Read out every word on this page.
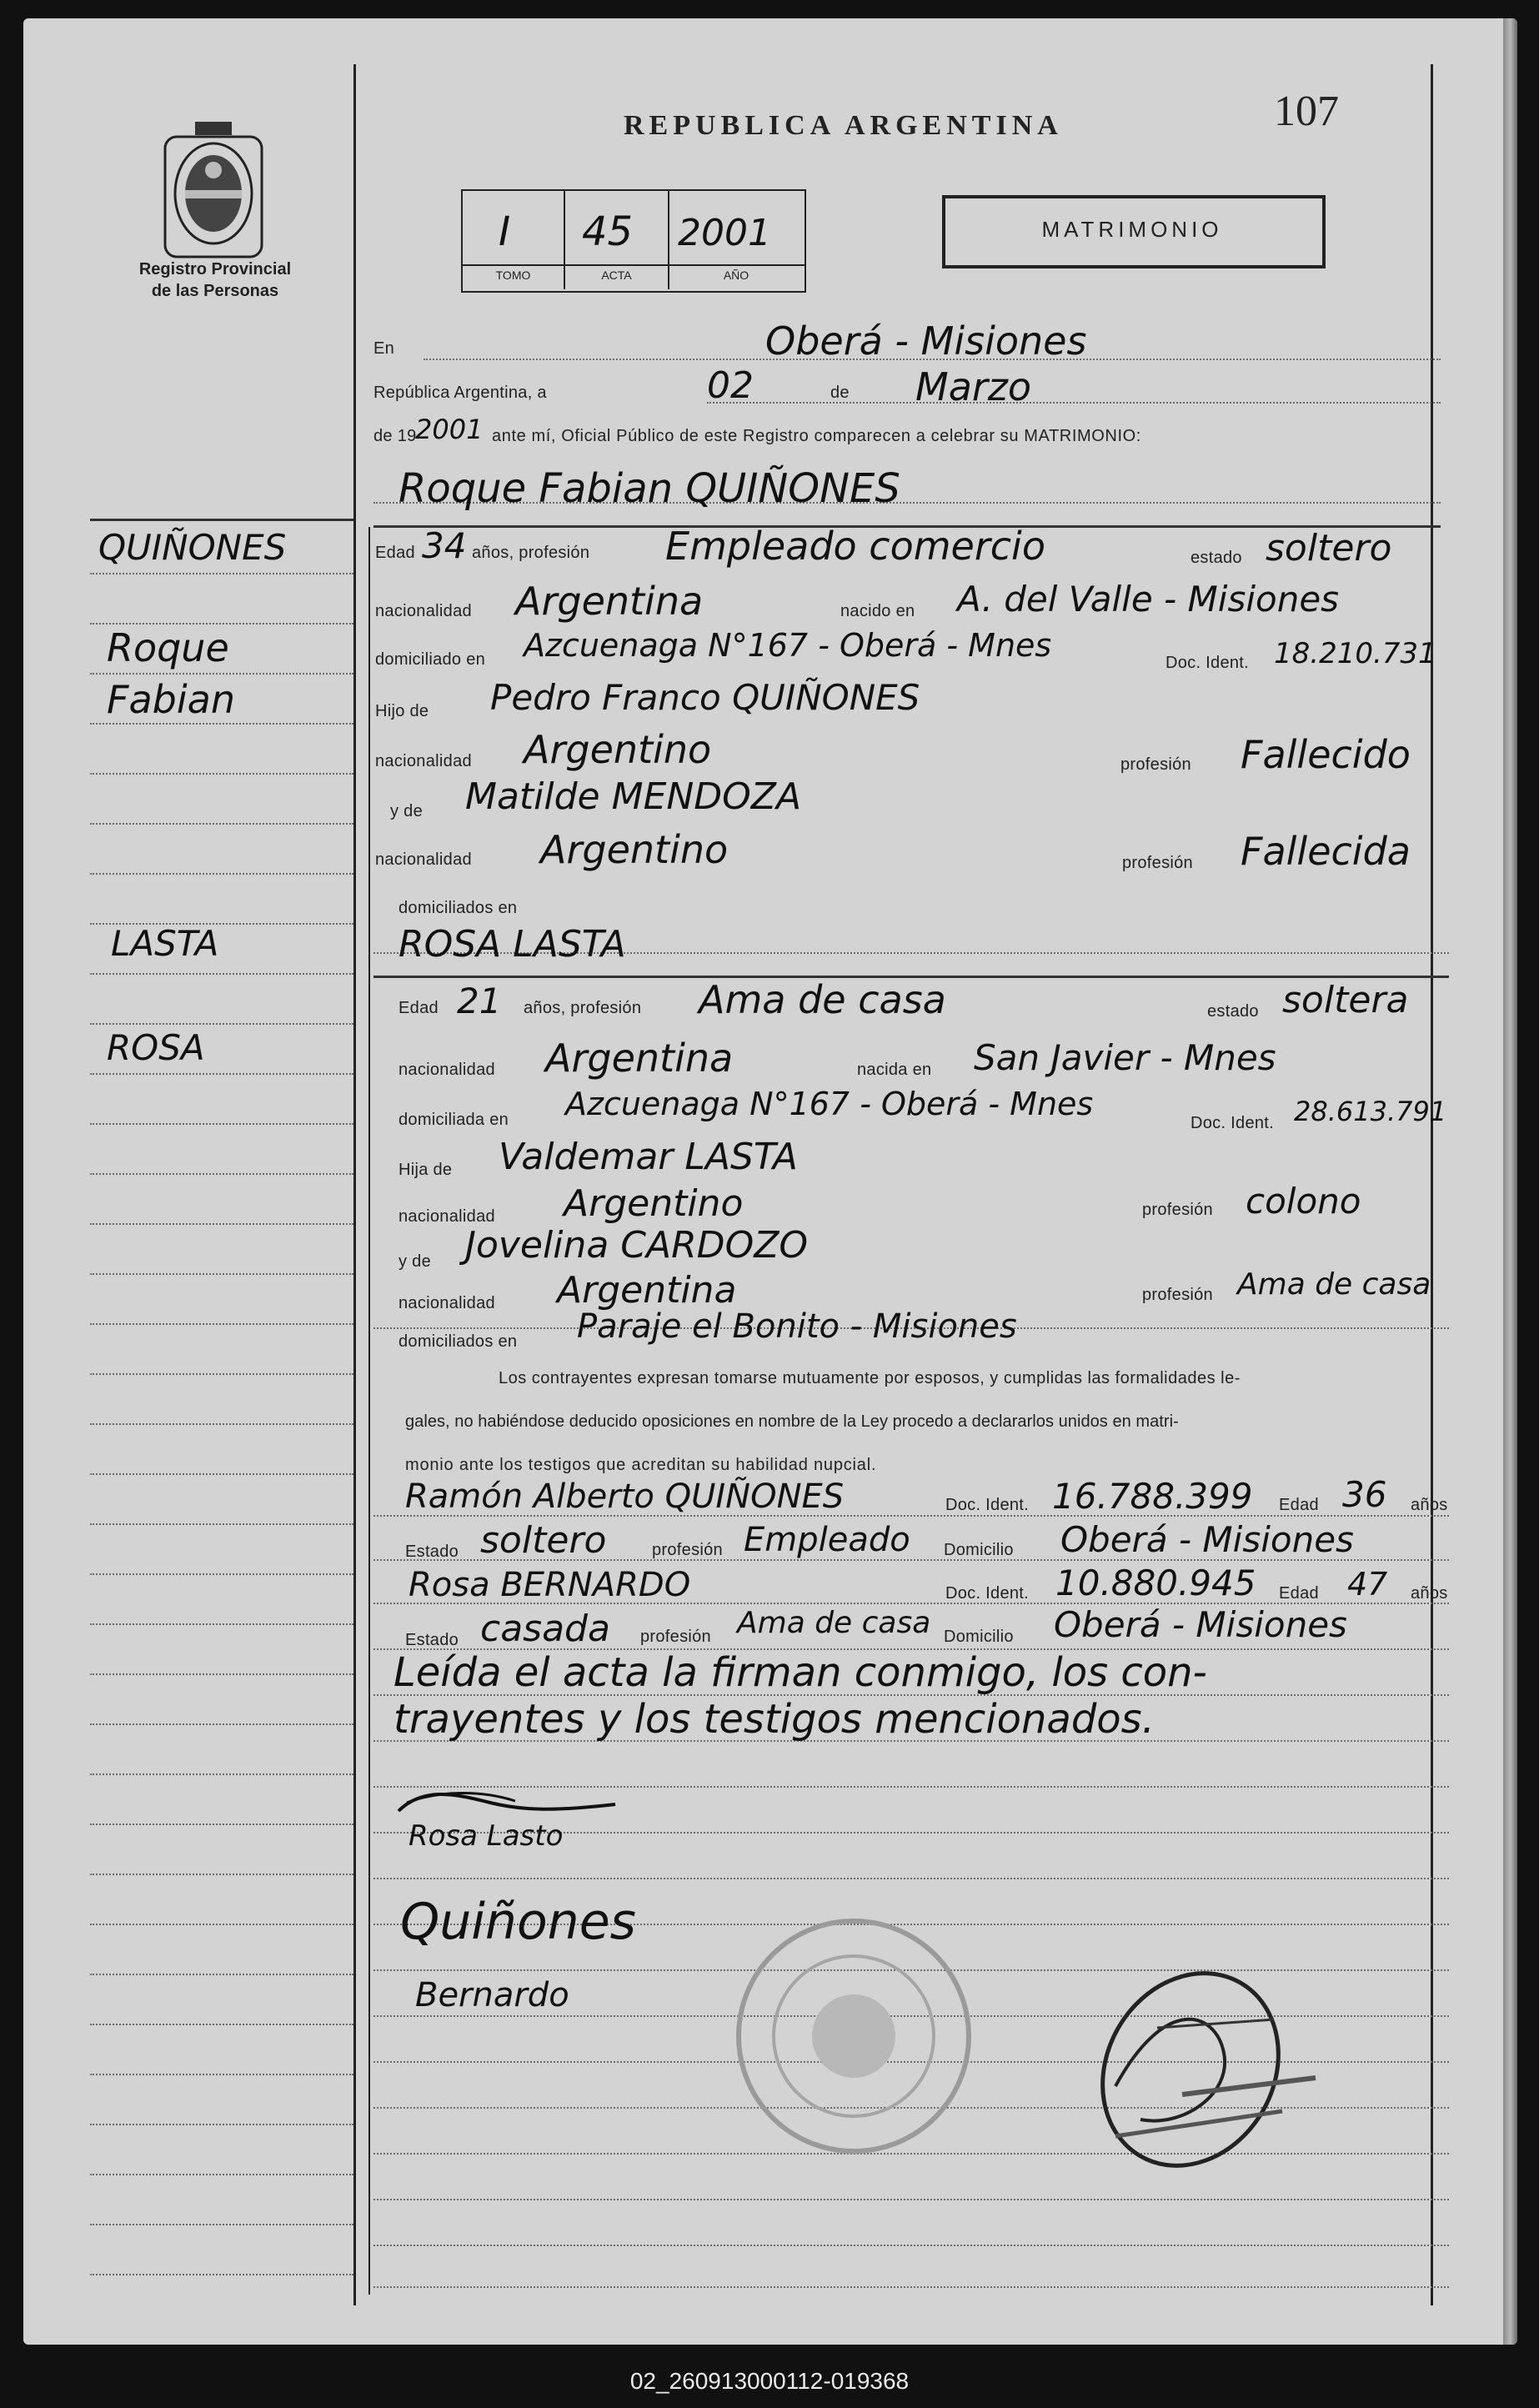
Registro Provincial
de las Personas
REPUBLICA ARGENTINA	107
I 45 2001
TOMO	ACTA	AÑO
MATRIMONIO
QUIÑONES
Roque
Fabian
LASTA
ROSA
En	Oberá - Misiones
República Argentina, a	02	de Marzo
de 19
2001 ante mí, Oficial Público de este Registro comparecen a celebrar su MATRIMONIO:
Roque Fabian QUIÑONES
Edad 34 años, profesión Empleado comercio	estado soltero
nacionalidad Argentina	nacido en A. del Valle - Misiones
domiciliado en Azcuenaga N°167 - Oberá - Mnes	Doc. Ident. 18.210.731
Hijo de Pedro Franco QUIÑONES
nacionalidad Argentino	profesión Fallecido
y de Matilde MENDOZA
nacionalidad Argentino	profesión Fallecida
domiciliados en
ROSA LASTA
Edad 21 años, profesión Ama de casa	estado soltera
nacionalidad Argentina	nacida en San Javier - Mnes
domiciliada en Azcuenaga N°167 - Oberá - Mnes
Doc. Ident. 28.613.791
Hija de Valdemar LASTA
nacionalidad Argentino	profesión colono
y de Jovelina CARDOZO
nacionalidad Argentina	profesión Ama de casa
domiciliados en Paraje el Bonito - Misiones
Los contrayentes expresan tomarse mutuamente por esposos, y cumplidas las formalidades le-
gales, no habiéndose deducido oposiciones en nombre de la Ley procedo a declararlos unidos en matri-
monio ante los testigos que acreditan su habilidad nupcial.
Ramón Alberto QUIÑONES	Doc. Ident. 16.788.399 Edad 36 años
Estado soltero	profesión Empleado Domicilio Oberá - Misiones
Rosa BERNARDO	Doc. Ident. 10.880.945 Edad 47 años
Estado casada profesión Ama de casa Domicilio Oberá - Misiones
Leída el acta la firman conmigo, los con-
trayentes y los testigos mencionados.
Rosa Lasto
Quiñones
Bernardo
02_260913000112-019368
